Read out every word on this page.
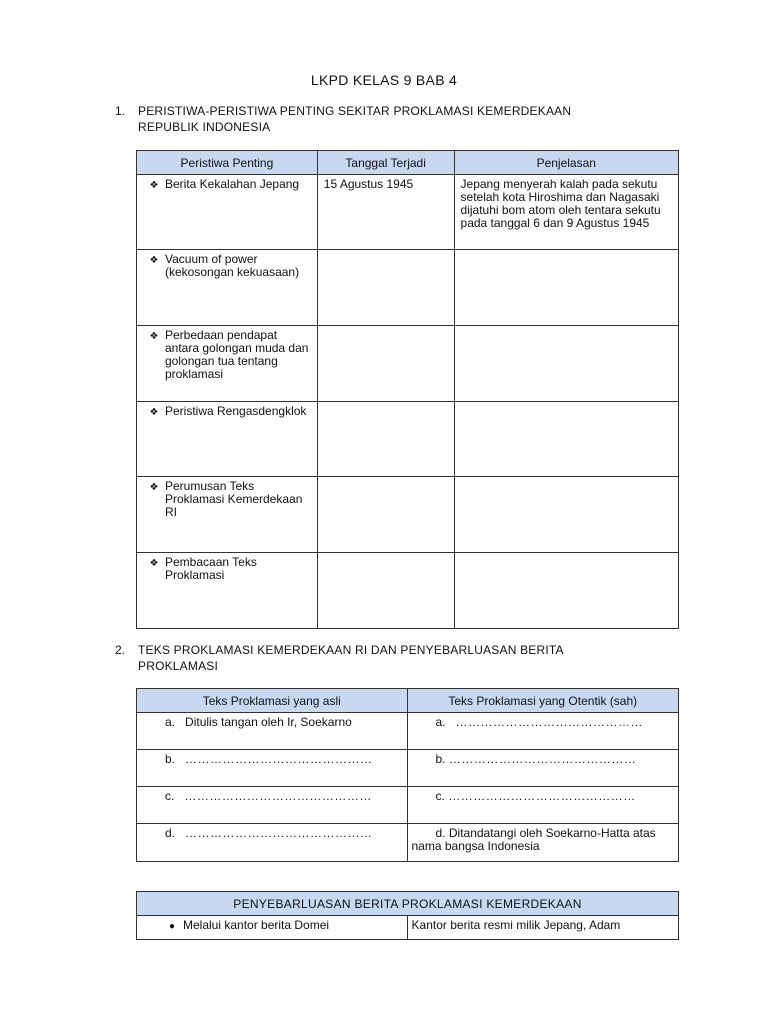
LKPD KELAS 9 BAB 4
1. PERISTIWA-PERISTIWA PENTING SEKITAR PROKLAMASI KEMERDEKAAN
REPUBLIK INDONESIA
Peristiwa Penting	Tanggal Terjadi	Penjelasan

❖ Berita Kekalahan Jepang	15 Agustus 1945	Jepang menyerah kalah pada sekutu setelah kota Hiroshima dan Nagasaki dijatuhi bom atom oleh tentara sekutu pada tanggal 6 dan 9 Agustus 1945

❖ Vacuum of power (kekosongan kekuasaan)		

❖ Perbedaan pendapat antara golongan muda dan golongan tua tentang proklamasi		

❖ Peristiwa Rengasdengklok		

❖ Perumusan Teks Proklamasi Kemerdekaan RI		

❖ Pembacaan Teks Proklamasi		

2. TEKS PROKLAMASI KEMERDEKAAN RI DAN PENYEBARLUASAN BERITA
PROKLAMASI
Teks Proklamasi yang asli	Teks Proklamasi yang Otentik (sah)

a. Ditulis tangan oleh Ir, Soekarno	a. ………………………………………

b. ………………………………………	b. ………………………………………

c. ………………………………………	c. ………………………………………

d. ………………………………………	d. Ditandatangi oleh Soekarno-Hatta atas nama bangsa Indonesia
PENYEBARLUASAN BERITA PROKLAMASI KEMERDEKAAN

● Melalui kantor berita Domei	Kantor berita resmi milik Jepang, Adam
